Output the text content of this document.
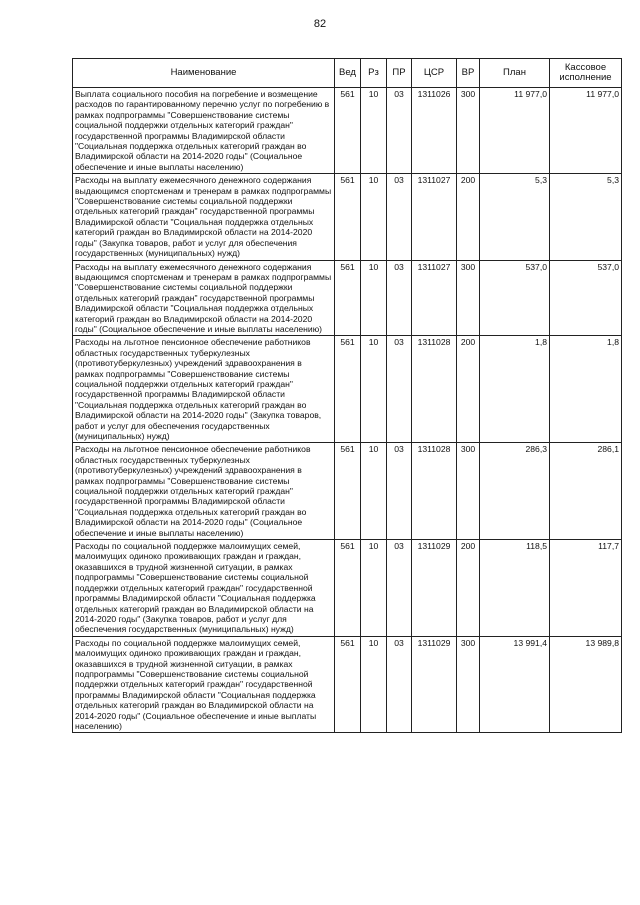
82
Наименование	Вед	Рз	ПР	ЦСР	ВР	План	Кассовое исполнение
Выплата социального пособия на погребение и возмещение расходов по гарантированному перечню услуг по погребению в рамках подпрограммы "Совершенствование системы социальной поддержки отдельных категорий граждан" государственной программы Владимирской области "Социальная поддержка отдельных категорий граждан во Владимирской области на 2014-2020 годы" (Социальное обеспечение и иные выплаты населению)	561	10	03	1311026	300	11 977,0	11 977,0
Расходы на выплату ежемесячного денежного содержания выдающимся спортсменам и тренерам в рамках подпрограммы "Совершенствование системы социальной поддержки отдельных категорий граждан" государственной программы Владимирской области "Социальная поддержка отдельных категорий граждан во Владимирской области на 2014-2020 годы" (Закупка товаров, работ и услуг для обеспечения государственных (муниципальных) нужд)	561	10	03	1311027	200	5,3	5,3
Расходы на выплату ежемесячного денежного содержания выдающимся спортсменам и тренерам в рамках подпрограммы "Совершенствование системы социальной поддержки отдельных категорий граждан" государственной программы Владимирской области "Социальная поддержка отдельных категорий граждан во Владимирской области на 2014-2020 годы" (Социальное обеспечение и иные выплаты населению)	561	10	03	1311027	300	537,0	537,0
Расходы на льготное пенсионное обеспечение работников областных государственных туберкулезных (противотуберкулезных) учреждений здравоохранения в рамках подпрограммы "Совершенствование системы социальной поддержки отдельных категорий граждан" государственной программы Владимирской области "Социальная поддержка отдельных категорий граждан во Владимирской области на 2014-2020 годы" (Закупка товаров, работ и услуг для обеспечения государственных (муниципальных) нужд)	561	10	03	1311028	200	1,8	1,8
Расходы на льготное пенсионное обеспечение работников областных государственных туберкулезных (противотуберкулезных) учреждений здравоохранения в рамках подпрограммы "Совершенствование системы социальной поддержки отдельных категорий граждан" государственной программы Владимирской области "Социальная поддержка отдельных категорий граждан во Владимирской области на 2014-2020 годы" (Социальное обеспечение и иные выплаты населению)	561	10	03	1311028	300	286,3	286,1
Расходы по социальной поддержке малоимущих семей, малоимущих одиноко проживающих граждан и граждан, оказавшихся в трудной жизненной ситуации, в рамках подпрограммы "Совершенствование системы социальной поддержки отдельных категорий граждан" государственной программы Владимирской области "Социальная поддержка отдельных категорий граждан во Владимирской области на 2014-2020 годы" (Закупка товаров, работ и услуг для обеспечения государственных (муниципальных) нужд)	561	10	03	1311029	200	118,5	117,7
Расходы по социальной поддержке малоимущих семей, малоимущих одиноко проживающих граждан и граждан, оказавшихся в трудной жизненной ситуации, в рамках подпрограммы "Совершенствование системы социальной поддержки отдельных категорий граждан" государственной программы Владимирской области "Социальная поддержка отдельных категорий граждан во Владимирской области на 2014-2020 годы" (Социальное обеспечение и иные выплаты населению)	561	10	03	1311029	300	13 991,4	13 989,8
